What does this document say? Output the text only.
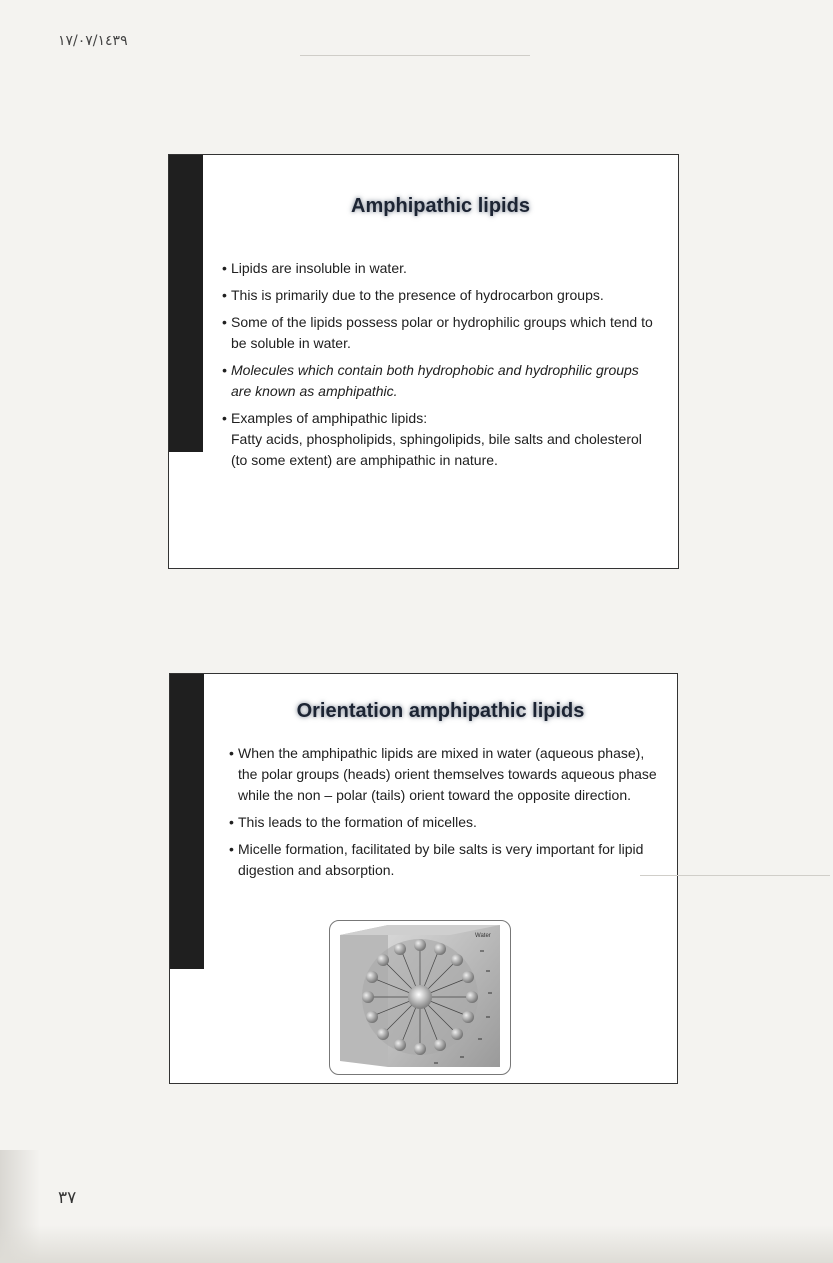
١٧/٠٧/١٤٣٩
Amphipathic lipids
• Lipids are insoluble in water.
• This is primarily due to the presence of hydrocarbon groups.
• Some of the lipids possess polar or hydrophilic groups which tend to be soluble in water.
• Molecules which contain both hydrophobic and hydrophilic groups are known as amphipathic.
• Examples of amphipathic lipids:
Fatty acids, phospholipids, sphingolipids, bile salts and cholesterol (to some extent) are amphipathic in nature.
Orientation amphipathic lipids
• When the amphipathic lipids are mixed in water (aqueous phase), the polar groups (heads) orient themselves towards aqueous phase while the non – polar (tails) orient toward the opposite direction.
• This leads to the formation of micelles.
• Micelle formation, facilitated by bile salts is very important for lipid digestion and absorption.
Water
٣٧
